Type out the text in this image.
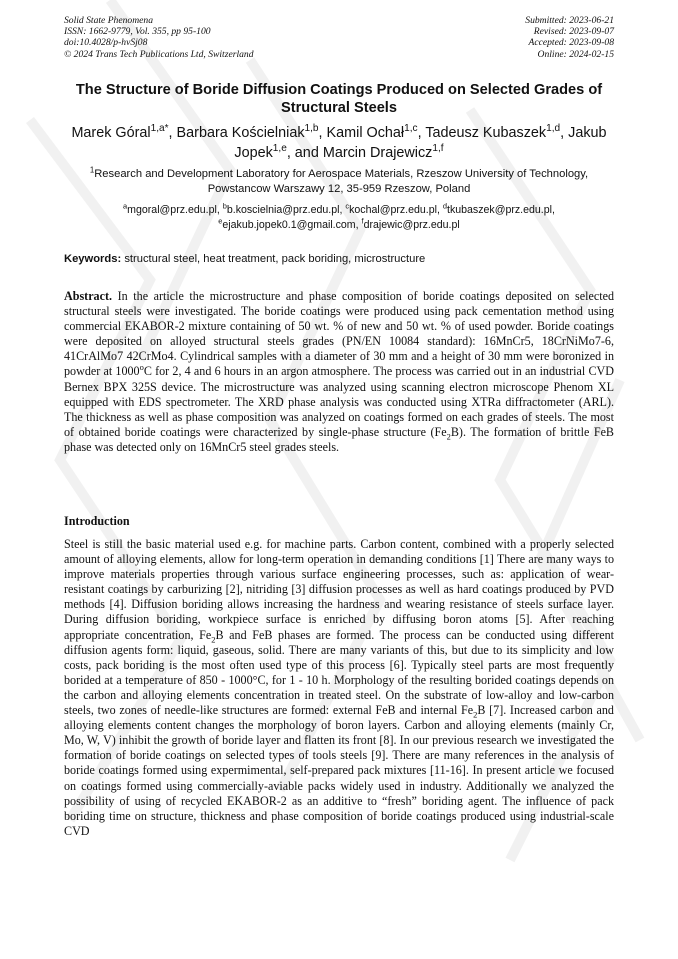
Solid State Phenomena
ISSN: 1662-9779, Vol. 355, pp 95-100
doi:10.4028/p-hvSj08
© 2024 Trans Tech Publications Ltd, Switzerland
Submitted: 2023-06-21
Revised: 2023-09-07
Accepted: 2023-09-08
Online: 2024-02-15
The Structure of Boride Diffusion Coatings Produced on Selected Grades of Structural Steels
Marek Góral$^{1,a*}$, Barbara Kościelniak$^{1,b}$, Kamil Ochał$^{1,c}$, Tadeusz Kubaszek$^{1,d}$, Jakub Jopek$^{1,e}$, and Marcin Drajewicz$^{1,f}$
$^1$Research and Development Laboratory for Aerospace Materials, Rzeszow University of Technology, Powstancow Warszawy 12, 35-959 Rzeszow, Poland
$^a$mgoral@prz.edu.pl, $^b$b.koscielnia@prz.edu.pl, $^c$kochal@prz.edu.pl, $^d$tkubaszek@prz.edu.pl, $^e$ejakub.jopek0.1@gmail.com, $^f$drajewic@prz.edu.pl
Keywords: structural steel, heat treatment, pack boriding, microstructure
Abstract. In the article the microstructure and phase composition of boride coatings deposited on selected structural steels were investigated. The boride coatings were produced using pack cementation method using commercial EKABOR-2 mixture containing of 50 wt. % of new and 50 wt. % of used powder. Boride coatings were deposited on alloyed structural steels grades (PN/EN 10084 standard): 16MnCr5, 18CrNiMo7-6, 41CrAlMo7 42CrMo4. Cylindrical samples with a diameter of 30 mm and a height of 30 mm were boronized in powder at 1000$^o$C for 2, 4 and 6 hours in an argon atmosphere. The process was carried out in an industrial CVD Bernex BPX 325S device. The microstructure was analyzed using scanning electron microscope Phenom XL equipped with EDS spectrometer. The XRD phase analysis was conducted using XTRa diffractometer (ARL). The thickness as well as phase composition was analyzed on coatings formed on each grades of steels. The most of obtained boride coatings were characterized by single-phase structure $(Fe_2B)$. The formation of brittle FeB phase was detected only on 16MnCr5 steel grades steels.
Introduction
Steel is still the basic material used e.g. for machine parts. Carbon content, combined with a properly selected amount of alloying elements, allow for long-term operation in demanding conditions [1] There are many ways to improve materials properties through various surface engineering processes, such as: application of wear-resistant coatings by carburizing [2], nitriding [3] diffusion processes as well as hard coatings produced by PVD methods [4]. Diffusion boriding allows increasing the hardness and wearing resistance of steels surface layer. During diffusion boriding, workpiece surface is enriched by diffusing boron atoms [5]. After reaching appropriate concentration, $Fe_2B$ and FeB phases are formed. The process can be conducted using different diffusion agents form: liquid, gaseous, solid. There are many variants of this, but due to its simplicity and low costs, pack boriding is the most often used type of this process [6]. Typically steel parts are most frequently borided at a temperature of 850 - 1000°C, for 1 - 10 h. Morphology of the resulting borided coatings depends on the carbon and alloying elements concentration in treated steel. On the substrate of low-alloy and low-carbon steels, two zones of needle-like structures are formed: external FeB and internal $Fe_2B$ [7]. Increased carbon and alloying elements content changes the morphology of boron layers. Carbon and alloying elements (mainly Cr, Mo, W, V) inhibit the growth of boride layer and flatten its front [8]. In our previous research we investigated the formation of boride coatings on selected types of tools steels [9]. There are many references in the analysis of boride coatings formed using expermimental, self-prepared pack mixtures [11-16]. In present article we focused on coatings formed using commercially-aviable packs widely used in industry. Additionally we analyzed the possibility of using of recycled EKABOR-2 as an additive to “fresh” boriding agent. The influence of pack boriding time on structure, thickness and phase composition of boride coatings produced using industrial-scale CVD
